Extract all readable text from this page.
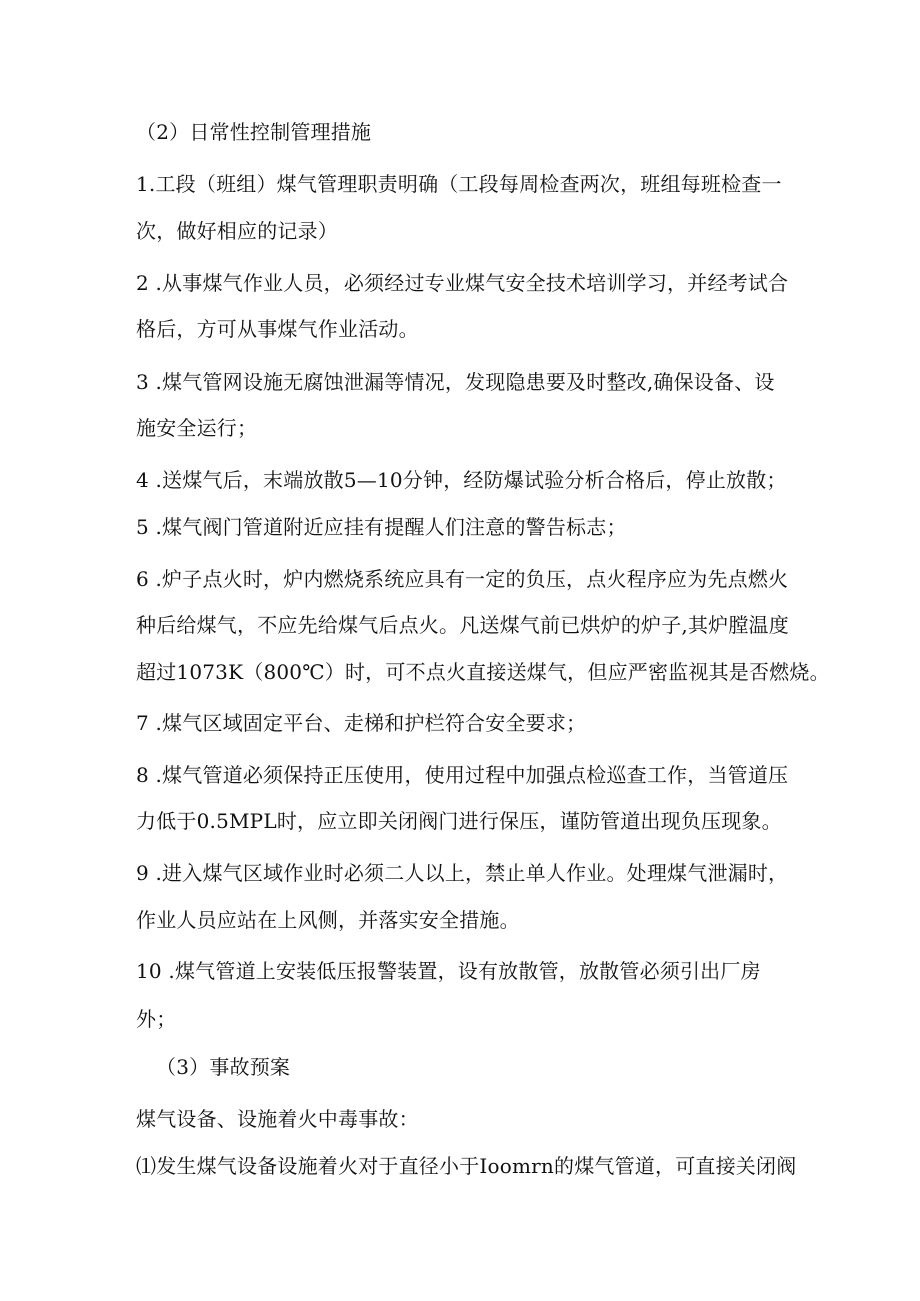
（2）日常性控制管理措施
1.工段（班组）煤气管理职责明确（工段每周检查两次，班组每班检查一
次，做好相应的记录）
2 .从事煤气作业人员，必须经过专业煤气安全技术培训学习，并经考试合
格后，方可从事煤气作业活动。
3 .煤气管网设施无腐蚀泄漏等情况，发现隐患要及时整改,确保设备、设
施安全运行；
4 .送煤气后，末端放散5—10分钟，经防爆试验分析合格后，停止放散；
5 .煤气阀门管道附近应挂有提醒人们注意的警告标志；
6 .炉子点火时，炉内燃烧系统应具有一定的负压，点火程序应为先点燃火
种后给煤气，不应先给煤气后点火。凡送煤气前已烘炉的炉子,其炉膛温度
超过1073K（800℃）时，可不点火直接送煤气，但应严密监视其是否燃烧。
7 .煤气区域固定平台、走梯和护栏符合安全要求；
8 .煤气管道必须保持正压使用，使用过程中加强点检巡查工作，当管道压
力低于0.5MPL时，应立即关闭阀门进行保压，谨防管道出现负压现象。
9 .进入煤气区域作业时必须二人以上，禁止单人作业。处理煤气泄漏时，
作业人员应站在上风侧，并落实安全措施。
10 .煤气管道上安装低压报警装置，设有放散管，放散管必须引出厂房
外；
（3）事故预案
煤气设备、设施着火中毒事故：
⑴发生煤气设备设施着火对于直径小于Ioomrn的煤气管道，可直接关闭阀
